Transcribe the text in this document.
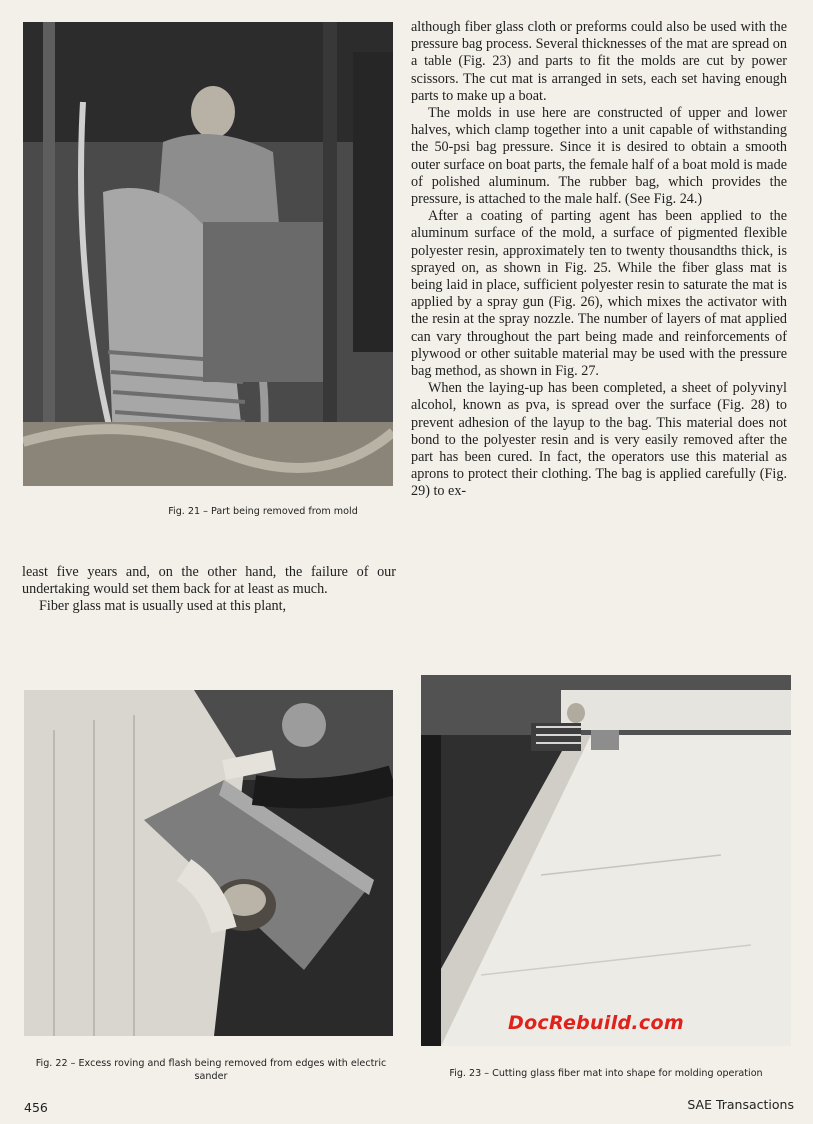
Fig. 21 – Part being removed from mold

although fiber glass cloth or preforms could also be used with the pressure bag process. Several thicknesses of the mat are spread on a table (Fig. 23) and parts to fit the molds are cut by power scissors. The cut mat is arranged in sets, each set having enough parts to make up a boat.

The molds in use here are constructed of upper and lower halves, which clamp together into a unit capable of withstanding the 50-psi bag pressure. Since it is desired to obtain a smooth outer surface on boat parts, the female half of a boat mold is made of polished aluminum. The rubber bag, which provides the pressure, is attached to the male half. (See Fig. 24.)

After a coating of parting agent has been applied to the aluminum surface of the mold, a surface of pigmented flexible polyester resin, approximately ten to twenty thousandths thick, is sprayed on, as shown in Fig. 25. While the fiber glass mat is being laid in place, sufficient polyester resin to saturate the mat is applied by a spray gun (Fig. 26), which mixes the activator with the resin at the spray nozzle. The number of layers of mat applied can vary throughout the part being made and reinforcements of plywood or other suitable material may be used with the pressure bag method, as shown in Fig. 27.

When the laying-up has been completed, a sheet of polyvinyl alcohol, known as pva, is spread over the surface (Fig. 28) to prevent adhesion of the layup to the bag. This material does not bond to the polyester resin and is very easily removed after the part has been cured. In fact, the operators use this material as aprons to protect their clothing. The bag is applied carefully (Fig. 29) to ex-

least five years and, on the other hand, the failure of our undertaking would set them back for at least as much.

Fiber glass mat is usually used at this plant,

Fig. 22 – Excess roving and flash being removed from edges with electric sander	Fig. 23 – Cutting glass fiber mat into shape for molding operation
DocRebuild.com
456	SAE Transactions
